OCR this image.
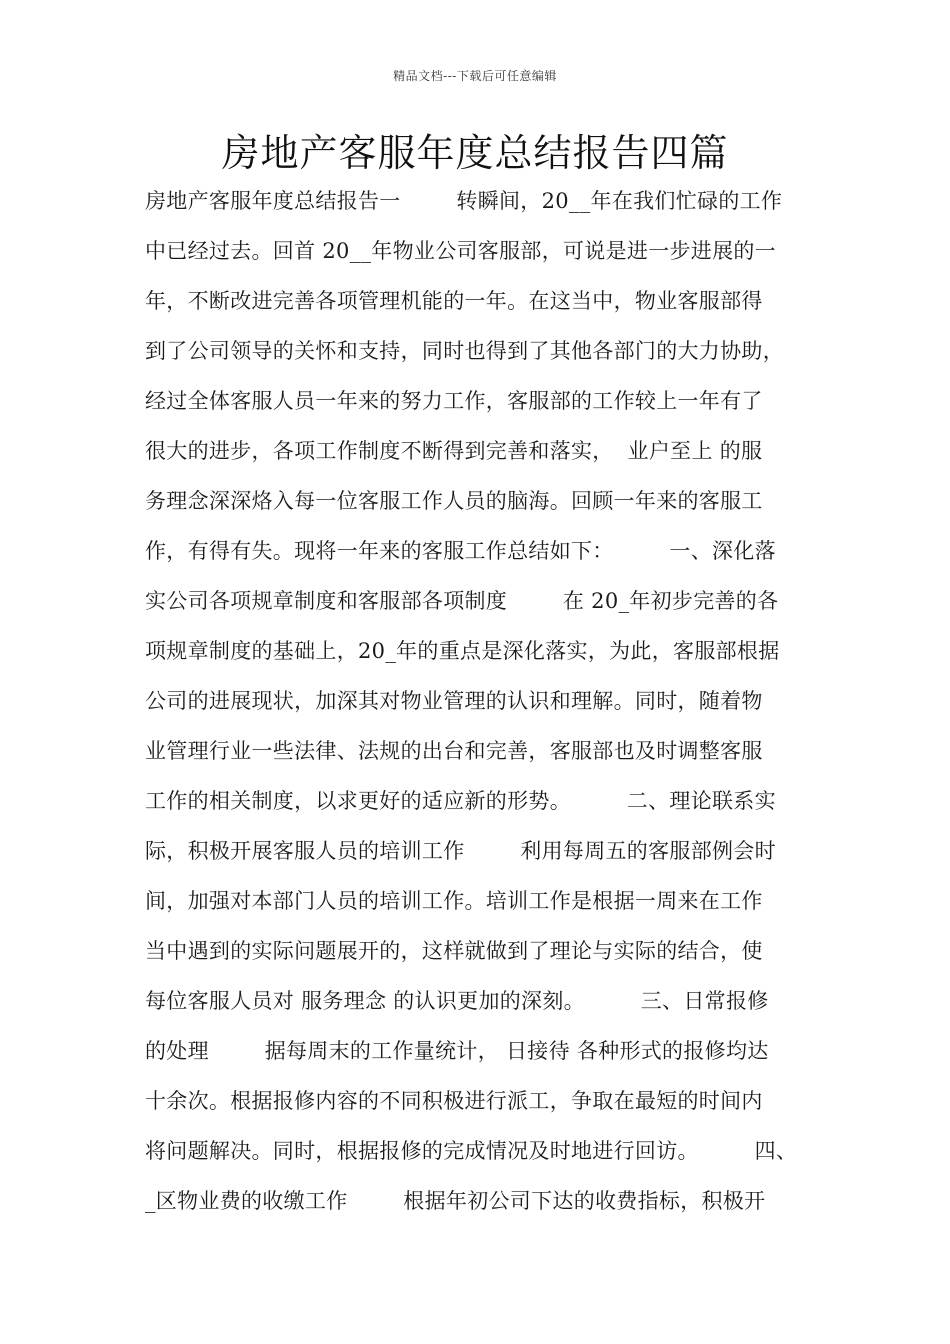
精品文档---下载后可任意编辑
房地产客服年度总结报告四篇
房地产客服年度总结报告一        转瞬间，20__年在我们忙碌的工作
中已经过去。回首 20__年物业公司客服部，可说是进一步进展的一
年，不断改进完善各项管理机能的一年。在这当中，物业客服部得
到了公司领导的关怀和支持，同时也得到了其他各部门的大力协助，
经过全体客服人员一年来的努力工作，客服部的工作较上一年有了
很大的进步，各项工作制度不断得到完善和落实，  业户至上 的服
务理念深深烙入每一位客服工作人员的脑海。回顾一年来的客服工
作，有得有失。现将一年来的客服工作总结如下：        一、深化落
实公司各项规章制度和客服部各项制度        在 20_年初步完善的各
项规章制度的基础上，20_年的重点是深化落实，为此，客服部根据
公司的进展现状，加深其对物业管理的认识和理解。同时，随着物
业管理行业一些法律、法规的出台和完善，客服部也及时调整客服
工作的相关制度，以求更好的适应新的形势。        二、理论联系实
际，积极开展客服人员的培训工作        利用每周五的客服部例会时
间，加强对本部门人员的培训工作。培训工作是根据一周来在工作
当中遇到的实际问题展开的，这样就做到了理论与实际的结合，使
每位客服人员对 服务理念 的认识更加的深刻。        三、日常报修
的处理        据每周末的工作量统计， 日接待 各种形式的报修均达
十余次。根据报修内容的不同积极进行派工，争取在最短的时间内
将问题解决。同时，根据报修的完成情况及时地进行回访。        四、
_区物业费的收缴工作        根据年初公司下达的收费指标，积极开
